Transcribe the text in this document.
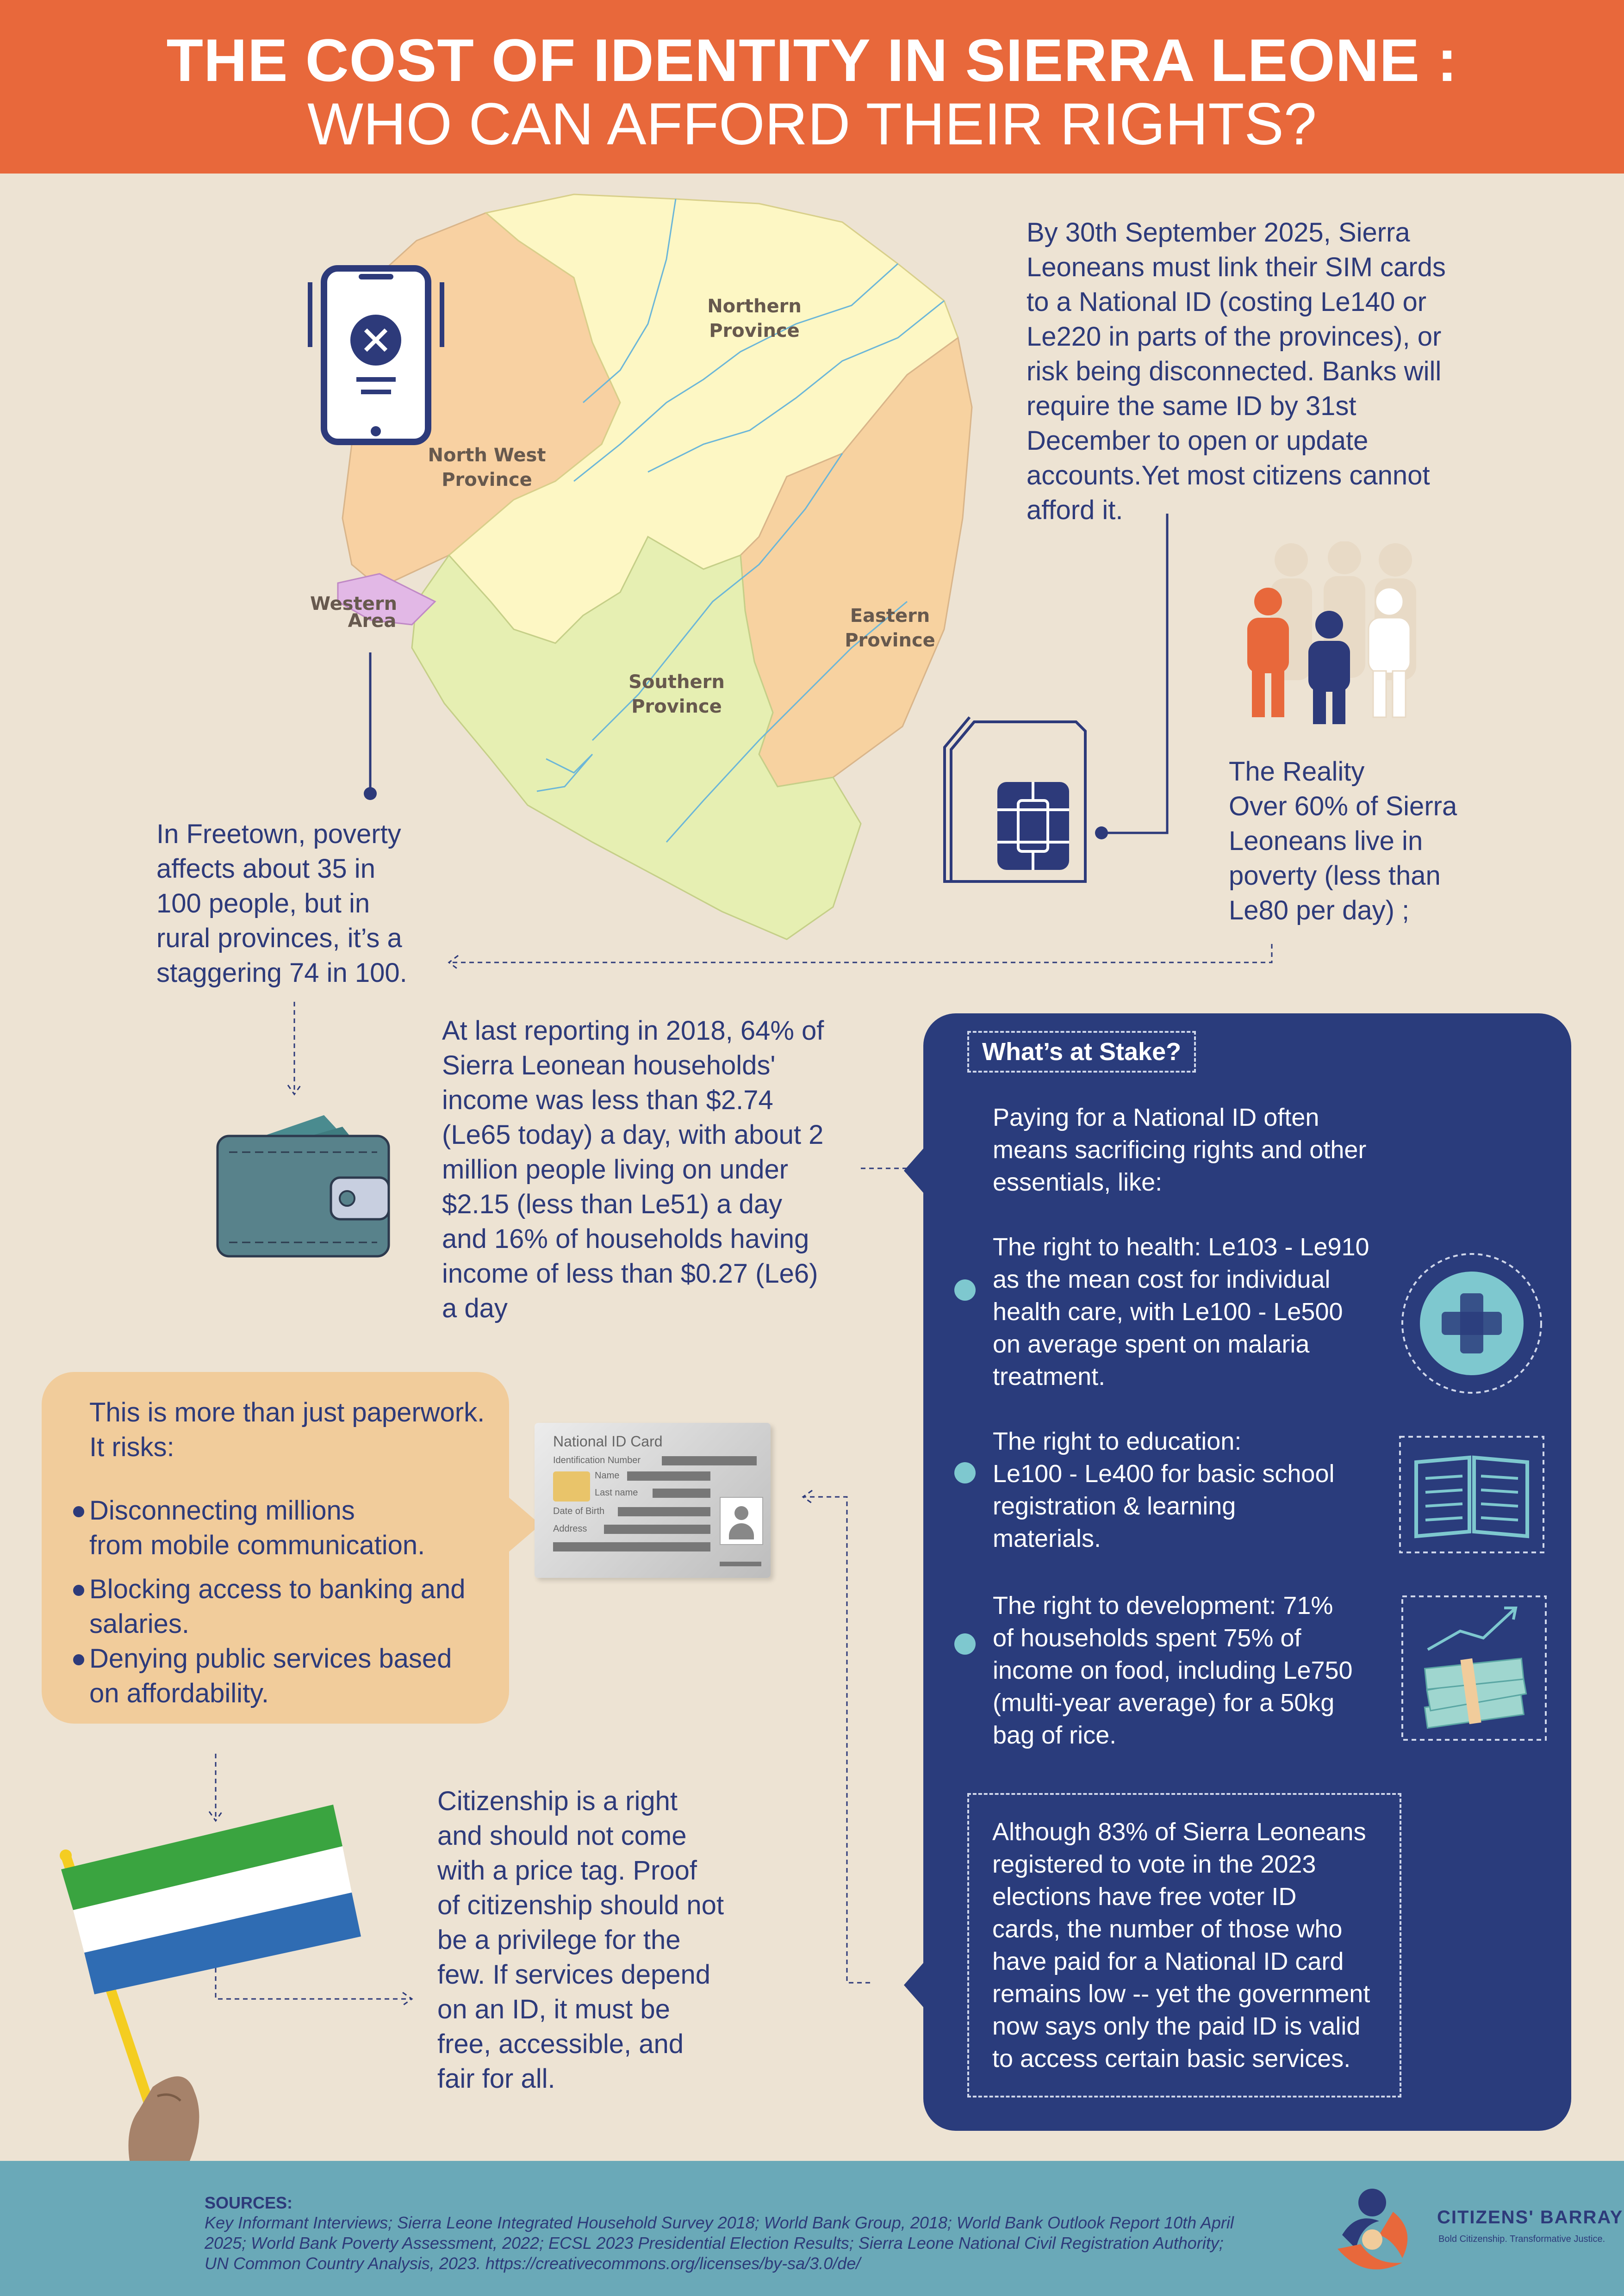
THE COST OF IDENTITY IN SIERRA LEONE :
WHO CAN AFFORD THEIR RIGHTS?
Northern
Province
North West
Province
Western
Area
Southern
Province
Eastern
Province
By 30th September 2025, Sierra
Leoneans must link their SIM cards
to a National ID (costing Le140 or
Le220 in parts of the provinces), or
risk being disconnected. Banks will
require the same ID by 31st
December to open or update
accounts.Yet most citizens cannot
afford it.
The Reality
Over 60% of Sierra
Leoneans live in
poverty (less than
Le80 per day) ;
In Freetown, poverty
affects about 35 in
100 people, but in
rural provinces, it’s a
staggering 74 in 100.
At last reporting in 2018, 64% of
Sierra Leonean households'
income was less than $2.74
(Le65 today) a day, with about 2
million people living on under
$2.15 (less than Le51) a day
and 16% of households having
income of less than $0.27 (Le6)
a day
What’s at Stake?
Paying for a National ID often
means sacrificing rights and other
essentials, like:
The right to health: Le103 - Le910
as the mean cost for individual
health care, with Le100 - Le500
on average spent on malaria
treatment.
The right to education:
Le100 - Le400 for basic school
registration & learning
materials.
The right to development: 71%
of households spent 75% of
income on food, including Le750
(multi-year average) for a 50kg
bag of rice.
Although 83% of Sierra Leoneans
registered to vote in the 2023
elections have free voter ID
cards, the number of those who
have paid for a National ID card
remains low -- yet the government
now says only the paid ID is valid
to access certain basic services.
This is more than just paperwork.
It risks:
Disconnecting millions
from mobile communication.
Blocking access to banking and
salaries.
Denying public services based
on affordability.
National ID Card
Identification Number
Name
Last name
Date of Birth
Address
Citizenship is a right
and should not come
with a price tag. Proof
of citizenship should not
be a privilege for the
few. If services depend
on an ID, it must be
free, accessible, and
fair for all.
SOURCES:
Key Informant Interviews; Sierra Leone Integrated Household Survey 2018; World Bank Group, 2018; World Bank Outlook Report 10th April
2025; World Bank Poverty Assessment, 2022; ECSL 2023 Presidential Election Results; Sierra Leone National Civil Registration Authority;
UN Common Country Analysis, 2023. https://creativecommons.org/licenses/by-sa/3.0/de/
CITIZENS' BARRAY
Bold Citizenship. Transformative Justice.
